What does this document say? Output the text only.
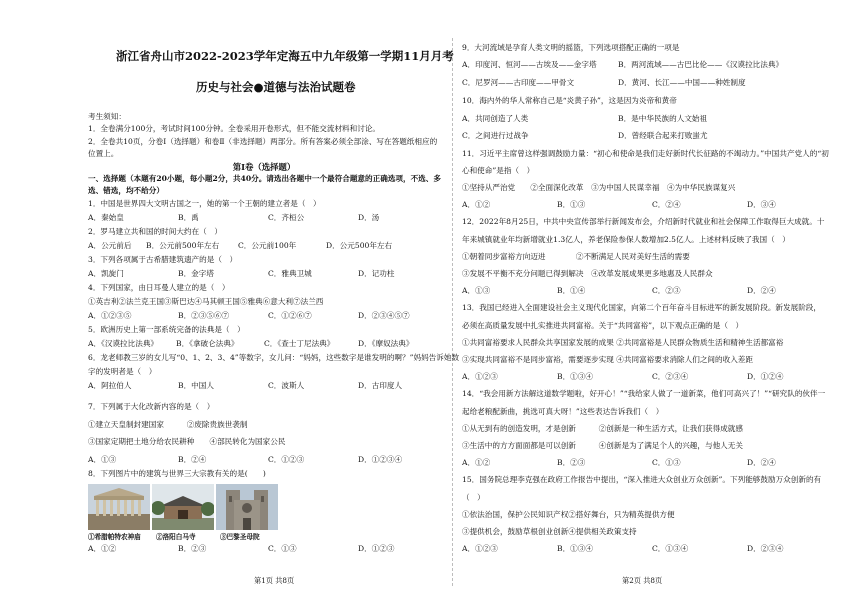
浙江省舟山市2022-2023学年定海五中九年级第一学期11月月考
历史与社会●道德与法治试题卷
考生须知：
1．全卷满分100分，考试时间100分钟。全卷采用开卷形式，但不能交流材料和讨论。
2．全卷共10页，分卷Ⅰ（选择题）和卷Ⅱ（非选择题）两部分。所有答案必须全部涂、写在答题纸相应的
位置上。
第Ⅰ卷（选择题）
一、选择题（本题有20小题，每小题2分，共40分。请选出各题中一个最符合题意的正确选项，不选、多
选、错选，均不给分）
1．中国是世界四大文明古国之一，她的第一个王朝的建立者是（　）
A．秦始皇	B．禹	C．齐桓公	D．汤
2．罗马建立共和国的时间大约在（　）
A．公元前后 B．公元前500年左右 C．公元前100年	D．公元500年左右
3．下列各项属于古希腊建筑遗产的是（　）
A．凯旋门	B．金字塔	C．雅典卫城	D．记功柱
4．下列国家，由日耳曼人建立的是（　）
①英吉利②法兰克王国③斯巴达④马其顿王国⑤雅典⑥意大利⑦法兰西
A．①②③⑤	B．②③⑤⑥⑦	C．①②⑥⑦	D．②③④⑤⑦
5．欧洲历史上第一部系统完备的法典是（　）
A．《汉谟拉比法典》 B．《拿破仑法典》	C．《查士丁尼法典》	D．《摩奴法典》
6．龙老师教三岁的女儿写“0、1、2、3、4”等数字，女儿问：“妈妈，这些数字是谁发明的啊？”妈妈告诉她数
字的发明者是（　）
A．阿拉伯人	B．中国人	C．波斯人	D．古印度人
7．下列属于大化改新内容的是（　）
①建立天皇制封建国家　　　②废除贵族世袭制
③国家定期把土地分给农民耕种　　④部民转化为国家公民
A．①③	B．②④	C．①②③	D．①②③④
8．下列图片中的建筑与世界三大宗教有关的是(　　)
①希腊帕特农神庙 ②洛阳白马寺	③巴黎圣母院
A．①②	B．②③	C．①③	D．①②③
第1页 共8页
9．大河流域是孕育人类文明的摇篮，下列选项搭配正确的一项是
A．印度河、恒河——古埃及——金字塔	B．两河流域——古巴比伦——《汉谟拉比法典》
C．尼罗河——古印度——甲骨文	D．黄河、长江——中国——种姓制度
10．海内外的华人常称自己是“炎黄子孙”，这是因为炎帝和黄帝
A．共同创造了人类	B．是中华民族的人文始祖
C．之间进行过战争	D．曾经联合起来打败蚩尤
11．习近平主席曾这样强调鼓励力量：“初心和使命是我们走好新时代长征路的不竭动力。”中国共产党人的“初
心和使命”是指（　）
①坚持从严治党　　②全面深化改革　③为中国人民谋幸福　④为中华民族谋复兴
A．①②	B．①③	C．②④	D．③④
12．2022年8月25日，中共中央宣传部举行新闻发布会，介绍新时代就业和社会保障工作取得巨大成就。十
年来城镇就业年均新增就业1.3亿人，养老保险参保人数增加2.5亿人。上述材料反映了我国（　）
①朝着同步富裕方向迈进　　　　②不断满足人民对美好生活的需要
③发展不平衡不充分问题已得到解决　④改革发展成果更多地惠及人民群众
A．①③	B．①④	C．②③	D．②④
13．我国已经进入全面建设社会主义现代化国家，向第二个百年奋斗目标进军的新发展阶段。新发展阶段，
必须在高质量发展中扎实推进共同富裕。关于“共同富裕”，以下观点正确的是（　）
①共同富裕要求人民群众共享国家发展的成果 ②共同富裕是人民群众物质生活和精神生活都富裕
③实现共同富裕不是同步富裕，需要逐步实现 ④共同富裕要求消除人们之间的收入差距
A．①②③	B．①③④	C．②③④	D．①②④
14．“我会用新方法解这道数学题啦，好开心！”“我给家人做了一道新菜，他们可高兴了！”“研究队的伙伴一
起给老粮配新曲，挑选可真大呀！”这些表达告诉我们（　）
①从无到有的创造发明，才是创新　　　②创新是一种生活方式，让我们获得成就感
③生活中的方方面面都是可以创新　　　④创新是为了满足个人的兴趣，与他人无关
A．①②	B．②③	C．①③	D．②④
15．国务院总理李克强在政府工作报告中提出，“深入推进大众创业万众创新”。下列能够鼓励万众创新的有
（　）
①依法治国，保护公民知识产权②搭好舞台，只为精英提供方便
③提供机会，鼓励草根创业创新④提供相关政策支持
A．①②③	B．①③④	C．①③④	D．②③④
第2页 共8页
